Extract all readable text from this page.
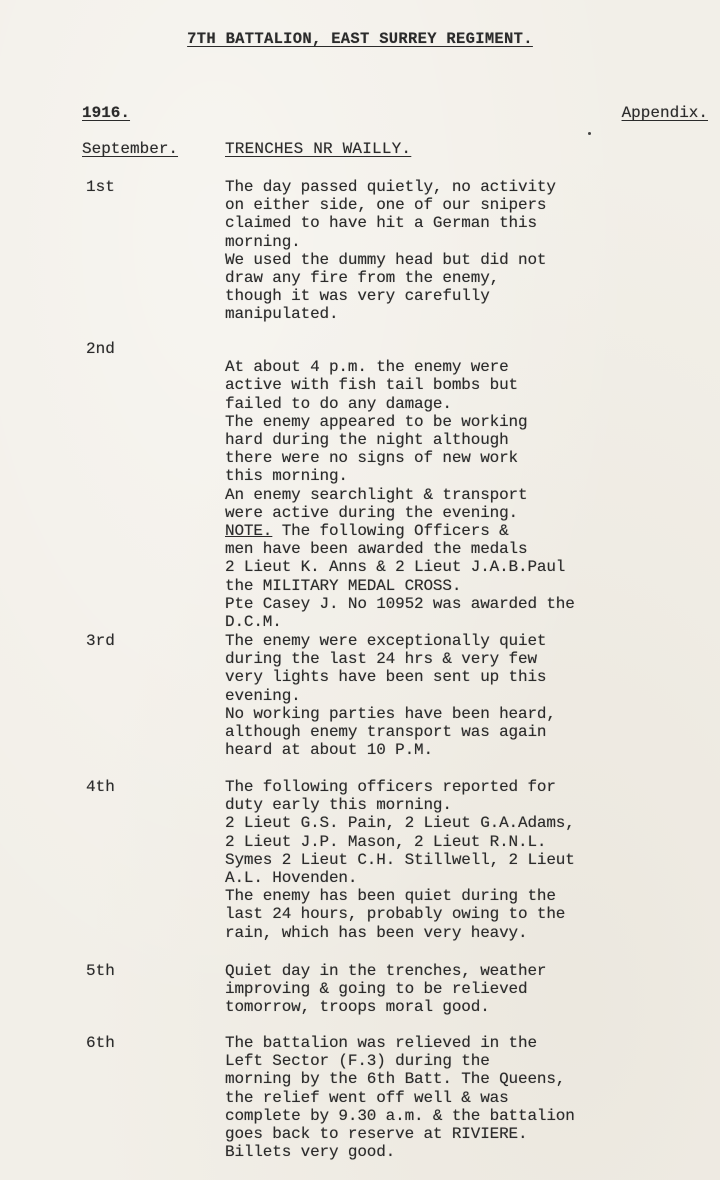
7TH BATTALION, EAST SURREY REGIMENT.
1916.	Appendix.
September.	TRENCHES NR WAILLY.
1st	The day passed quietly, no activity
on either side, one of our snipers
claimed to have hit a German this
morning.
We used the dummy head but did not
draw any fire from the enemy,
though it was very carefully
manipulated.
2nd

At about 4 p.m. the enemy were
active with fish tail bombs but
failed to do any damage.
The enemy appeared to be working
hard during the night although
there were no signs of new work
this morning.
An enemy searchlight & transport
were active during the evening.

NOTE. The following Officers &
men have been awarded the medals
2 Lieut K. Anns & 2 Lieut J.A.B.Paul
the MILITARY MEDAL CROSS.
Pte Casey J. No 10952 was awarded the
D.C.M.

3rd	The enemy were exceptionally quiet
during the last 24 hrs & very few
very lights have been sent up this
evening.
No working parties have been heard,
although enemy transport was again
heard at about 10 P.M.
4th	The following officers reported for
duty early this morning.
2 Lieut G.S. Pain, 2 Lieut G.A.Adams,
2 Lieut J.P. Mason, 2 Lieut R.N.L.
Symes 2 Lieut C.H. Stillwell, 2 Lieut
A.L. Hovenden.
The enemy has been quiet during the
last 24 hours, probably owing to the
rain, which has been very heavy.
5th	Quiet day in the trenches, weather
improving & going to be relieved
tomorrow, troops moral good.
6th	The battalion was relieved in the
Left Sector (F.3) during the
morning by the 6th Batt. The Queens,
the relief went off well & was
complete by 9.30 a.m. & the battalion
goes back to reserve at RIVIERE.
Billets very good.
